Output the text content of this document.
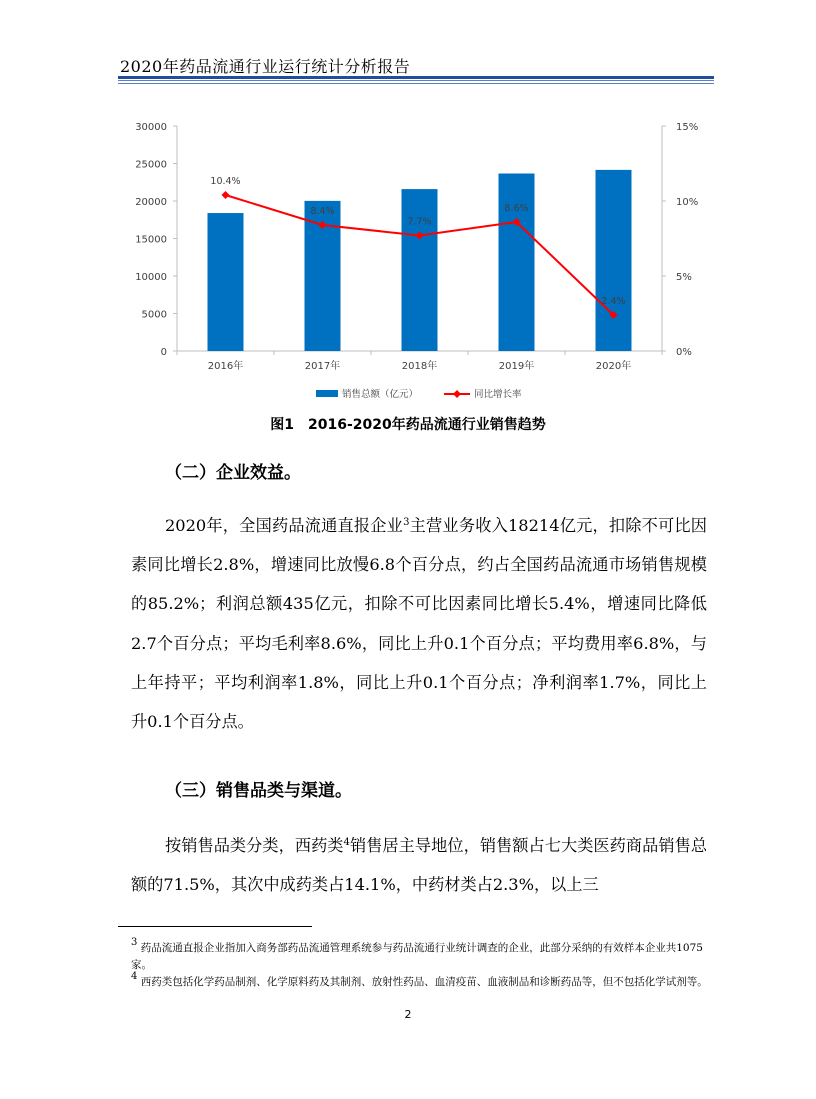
2020年药品流通行业运行统计分析报告
0
5000
10000
15000
20000
25000
30000
0%
5%
10%
15%
2016年	2017年	2018年	2019年	2020年
10.4%
8.4%
7.7%
8.6%
2.4%
销售总额（亿元）	同比增长率
图1　2016-2020年药品流通行业销售趋势
（二）企业效益。

2020年，全国药品流通直报企业$^3$主营业务收入18214亿元，扣除不可比因素同比增长2.8%，增速同比放慢6.8个百分点，约占全国药品流通市场销售规模的85.2%；利润总额435亿元，扣除不可比因素同比增长5.4%，增速同比降低2.7个百分点；平均毛利率8.6%，同比上升0.1个百分点；平均费用率6.8%，与上年持平；平均利润率1.8%，同比上升0.1个百分点；净利润率1.7%，同比上升0.1个百分点。

（三）销售品类与渠道。

按销售品类分类，西药类$^4$销售居主导地位，销售额占七大类医药商品销售总额的71.5%，其次中成药类占14.1%，中药材类占2.3%，以上三

$^3$ 药品流通直报企业指加入商务部药品流通管理系统参与药品流通行业统计调查的企业，此部分采纳的有效样本企业共1075家。

$^4$ 西药类包括化学药品制剂、化学原料药及其制剂、放射性药品、血清疫苗、血液制品和诊断药品等，但不包括化学试剂等。

2
